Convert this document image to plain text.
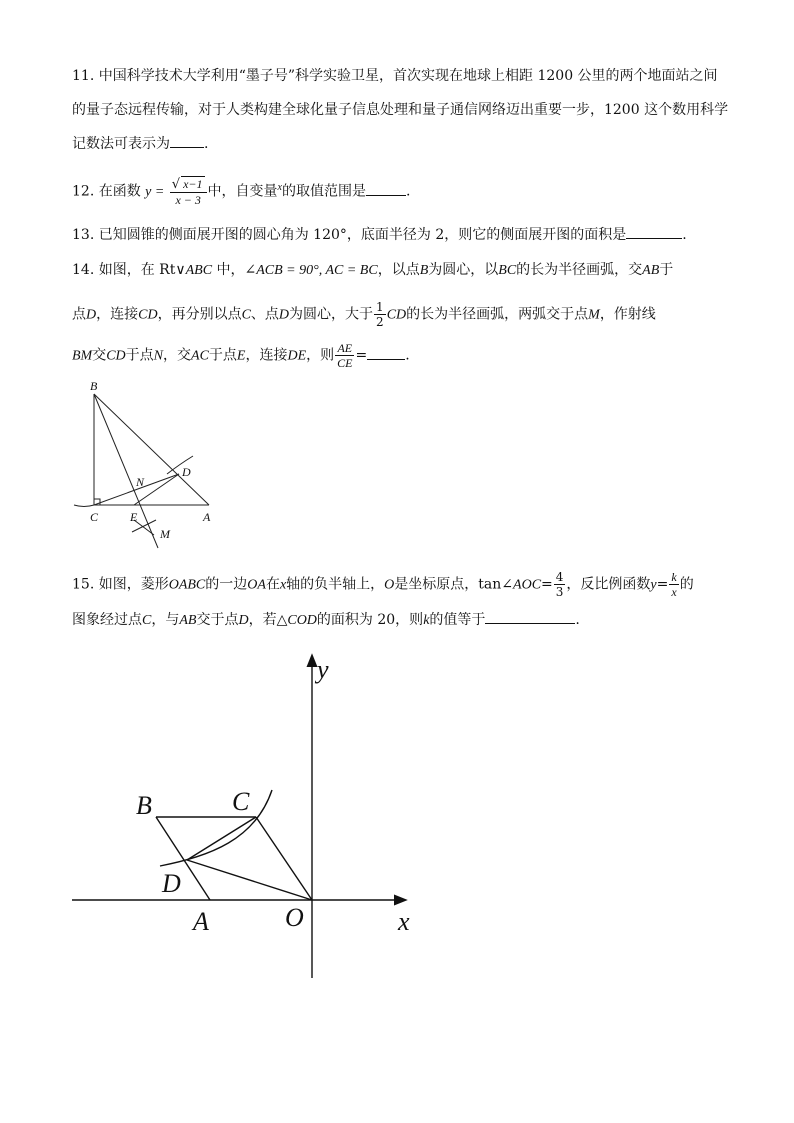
11. 中国科学技术大学利用“墨子号”科学实验卫星，首次实现在地球上相距 1200 公里的两个地面站之间
的量子态远程传输，对于人类构建全球化量子信息处理和量子通信网络迈出重要一步，1200 这个数用科学
记数法可表示为 .
12. 在函数 $y = \frac{√ x-1}{x - 3}$ 中，自变量$^x$的取值范围是	.
13. 已知圆锥的侧面展开图的圆心角为 120°，底面半径为 2，则它的侧面展开图的面积是	.
14. 如图，在 Rt∨ABC 中，∠ACB = 90°, AC = BC，以点B为圆心，以BC的长为半径画弧，交AB于
点D，连接CD，再分别以点C、点D为圆心，大于 $\frac{1}{2}$ CD的长为半径画弧，两弧交于点M，作射线
BM交CD于点N，交AC于点E，连接DE，则 $\frac{AE}{CE}$ =	.
B
N
D
C	E	A
M
15. 如图，菱形OABC的一边OA在x轴的负半轴上，O是坐标原点，tan∠AOC= $\frac{4}{3}$ ，反比例函数$y= \frac{k}{x}$ 的
图象经过点C，与AB交于点D，若△COD的面积为 20，则k的值等于	.
y
x
B	C
D
A	O
